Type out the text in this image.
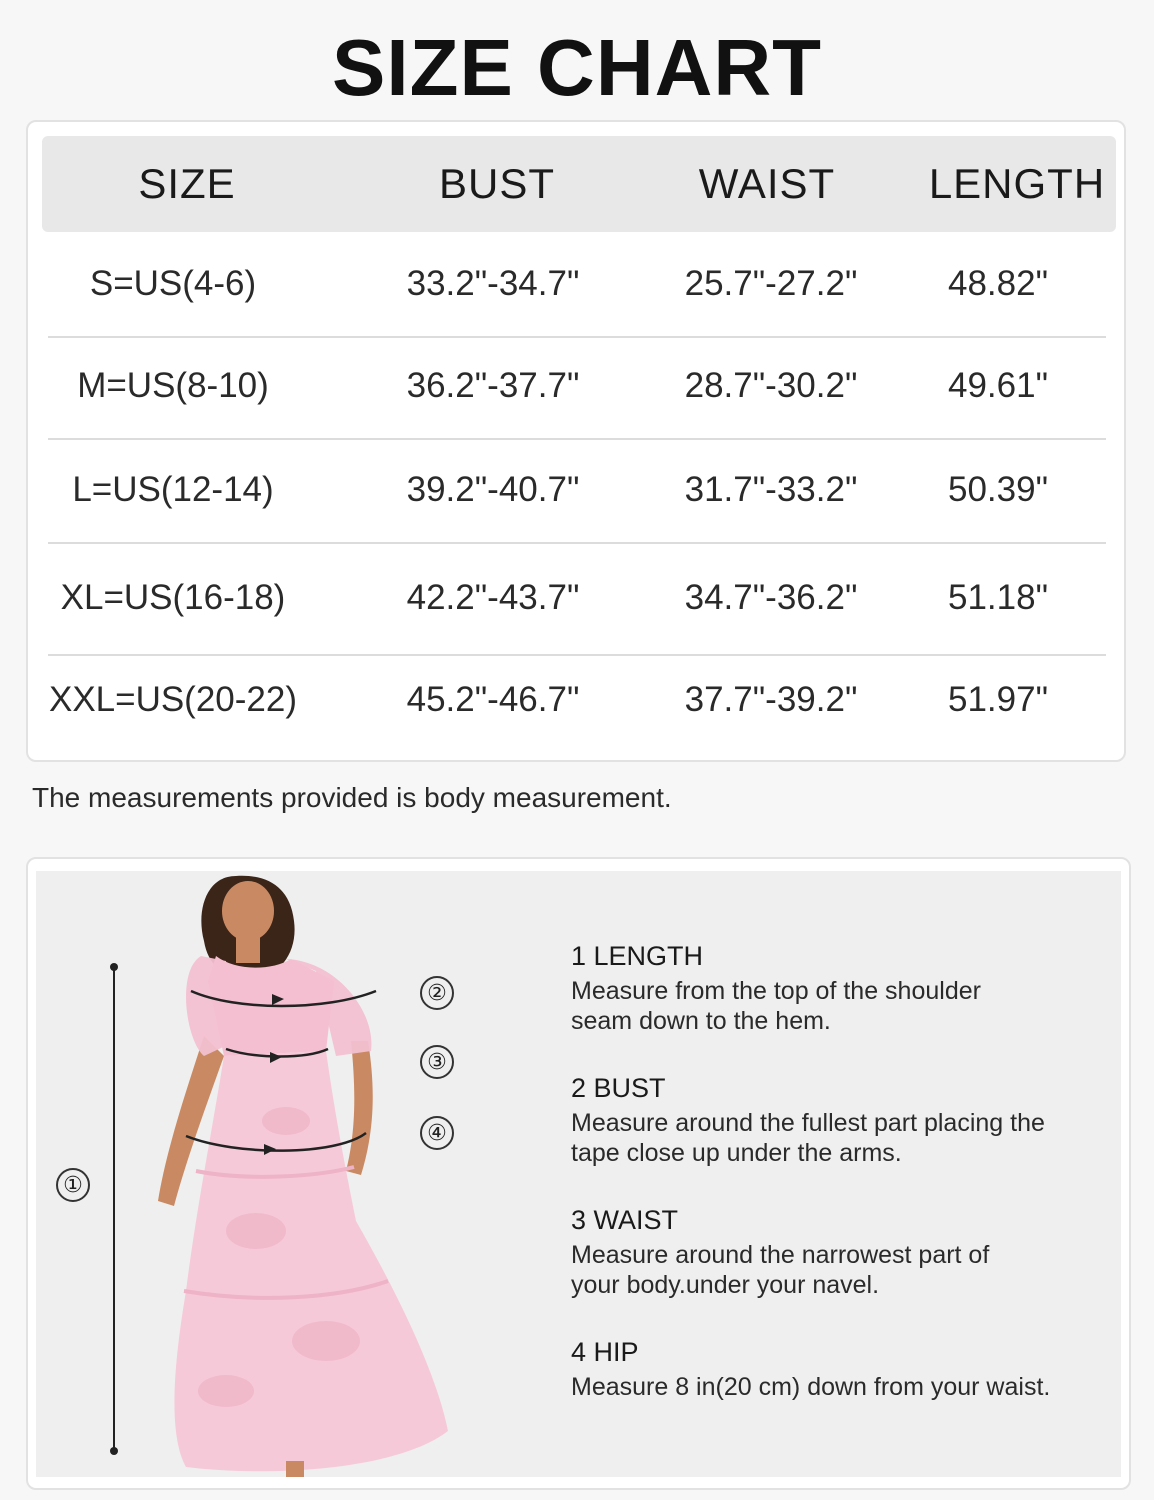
SIZE CHART
SIZE	BUST	WAIST	LENGTH
S=US(4-6)	33.2"-34.7"	25.7"-27.2"	48.82"
M=US(8-10)	36.2"-37.7"	28.7"-30.2"	49.61"
L=US(12-14)	39.2"-40.7"	31.7"-33.2"	50.39"
XL=US(16-18)	42.2"-43.7"	34.7"-36.2"	51.18"
XXL=US(20-22)	45.2"-46.7"	37.7"-39.2"	51.97"
The measurements provided is body measurement.
①
②
③
④

1 LENGTH

Measure from the top of the shoulder seam down to the hem.

2 BUST

Measure around the fullest part placing the tape close up under the arms.

3 WAIST

Measure around the narrowest part of your body.under your navel.

4 HIP

Measure 8 in(20 cm) down from your waist.
